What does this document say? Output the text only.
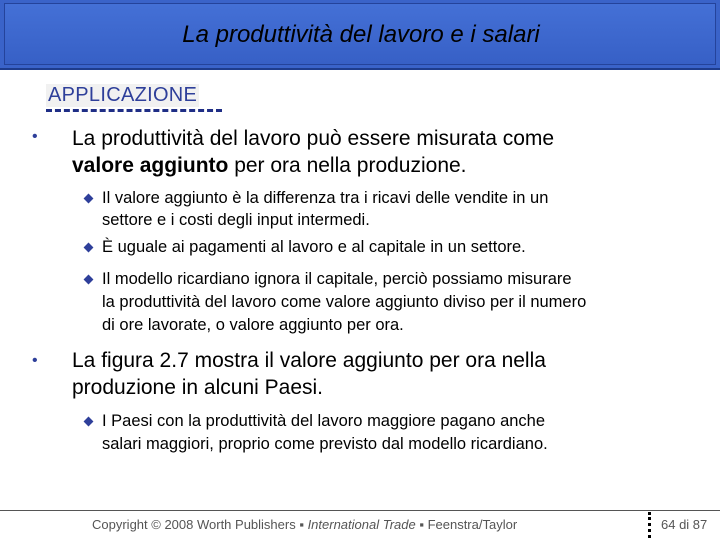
La produttività del lavoro e i salari
APPLICAZIONE
• La produttività del lavoro può essere misurata come
valore aggiunto per ora nella produzione.
Il valore aggiunto è la differenza tra i ricavi delle vendite in un
settore e i costi degli input intermedi.
È uguale ai pagamenti al lavoro e al capitale in un settore.
Il modello ricardiano ignora il capitale, perciò possiamo misurare
la produttività del lavoro come valore aggiunto diviso per il numero
di ore lavorate, o valore aggiunto per ora.
• La figura 2.7 mostra il valore aggiunto per ora nella
produzione in alcuni Paesi.
I Paesi con la produttività del lavoro maggiore pagano anche
salari maggiori, proprio come previsto dal modello ricardiano.
Copyright © 2008 Worth Publishers ▪ International Trade ▪ Feenstra/Taylor	64 di 87
